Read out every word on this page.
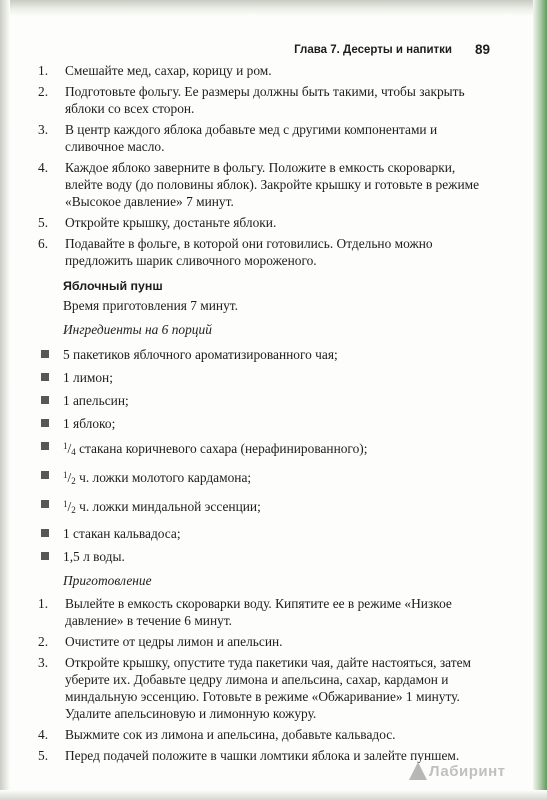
Глава 7. Десерты и напитки 89
1. Смешайте мед, сахар, корицу и ром.
2. Подготовьте фольгу. Ее размеры должны быть такими, чтобы закрыть яблоки со всех сторон.
3. В центр каждого яблока добавьте мед с другими компонентами и сливочное масло.
4. Каждое яблоко заверните в фольгу. Положите в емкость скороварки, влейте воду (до половины яблок). Закройте крышку и готовьте в режиме «Высокое давление» 7 минут.
5. Откройте крышку, достаньте яблоки.
6. Подавайте в фольге, в которой они готовились. Отдельно можно предложить шарик сливочного мороженого.
Яблочный пунш

Время приготовления 7 минут.

Ингредиенты на 6 порций

5 пакетиков яблочного ароматизированного чая;
1 лимон;
1 апельсин;
1 яблоко;
$^1/_4$ стакана коричневого сахара (нерафинированного);
$^1/_2$ ч. ложки молотого кардамона;
$^1/_2$ ч. ложки миндальной эссенции;
1 стакан кальвадоса;
1,5 л воды.

Приготовление

1. Вылейте в емкость скороварки воду. Кипятите ее в режиме «Низкое давление» в течение 6 минут.
2. Очистите от цедры лимон и апельсин.
3. Откройте крышку, опустите туда пакетики чая, дайте настояться, затем уберите их. Добавьте цедру лимона и апельсина, сахар, кардамон и миндальную эссенцию. Готовьте в режиме «Обжаривание» 1 минуту. Удалите апельсиновую и лимонную кожуру.
4. Выжмите сок из лимона и апельсина, добавьте кальвадос.
5. Перед подачей положите в чашки ломтики яблока и залейте пуншем.
Лабиринт
